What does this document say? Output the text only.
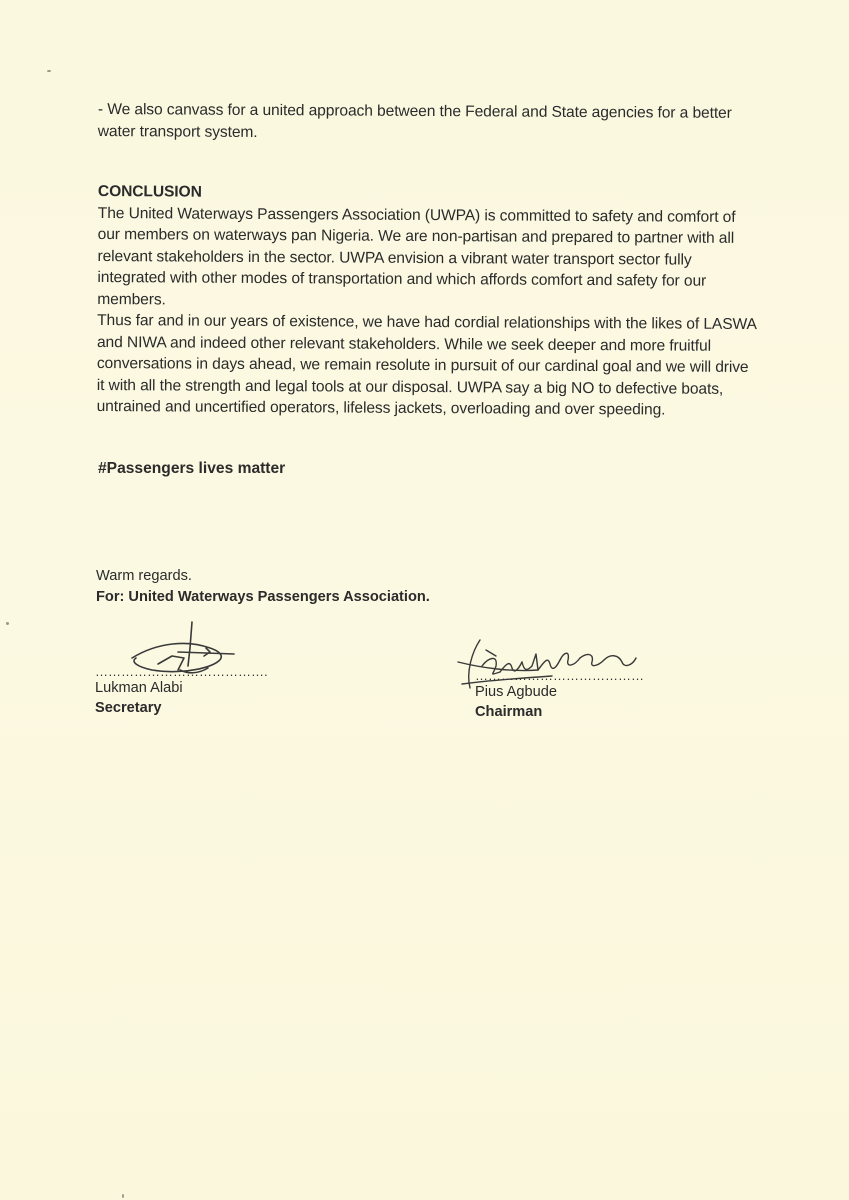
- We also canvass for a united approach between the Federal and State agencies for a better water transport system.

CONCLUSION

The United Waterways Passengers Association (UWPA) is committed to safety and comfort of our members on waterways pan Nigeria. We are non-partisan and prepared to partner with all relevant stakeholders in the sector. UWPA envision a vibrant water transport sector fully integrated with other modes of transportation and which affords comfort and safety for our members.

Thus far and in our years of existence, we have had cordial relationships with the likes of LASWA and NIWA and indeed other relevant stakeholders. While we seek deeper and more fruitful conversations in days ahead, we remain resolute in pursuit of our cardinal goal and we will drive it with all the strength and legal tools at our disposal. UWPA say a big NO to defective boats, untrained and uncertified operators, lifeless jackets, overloading and over speeding.

#Passengers lives matter

Warm regards.
For: United Waterways Passengers Association.
………………………………….
Lukman Alabi
Secretary
…………………………………
Pius Agbude
Chairman
